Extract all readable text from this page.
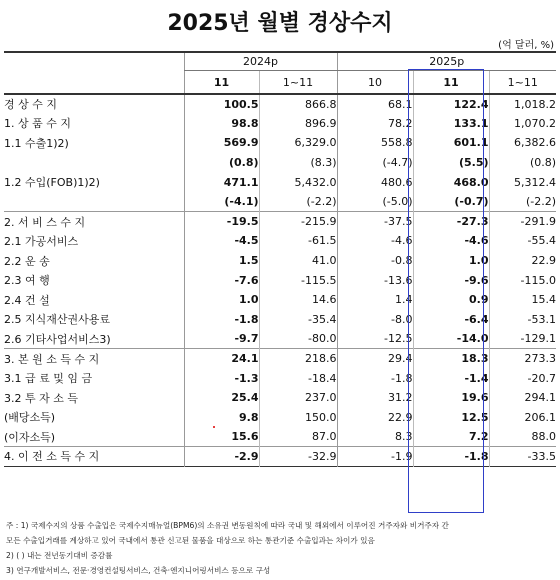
2025년 월별 경상수지
(억 달러, %)
	2024p		2025p		
	11	1~11	10	11	1~11
경 상 수 지	100.5	866.8	68.1	122.4	1,018.2
1. 상 품 수 지	98.8	896.9	78.2	133.1	1,070.2
1.1 수출1)2)	569.9	6,329.0	558.8	601.1	6,382.6
	(0.8)	(8.3)	(-4.7)	(5.5)	(0.8)
1.2 수입(FOB)1)2)	471.1	5,432.0	480.6	468.0	5,312.4
	(-4.1)	(-2.2)	(-5.0)	(-0.7)	(-2.2)
2. 서 비 스 수 지	-19.5	-215.9	-37.5	-27.3	-291.9
2.1 가공서비스	-4.5	-61.5	-4.6	-4.6	-55.4
2.2 운 송	1.5	41.0	-0.8	1.0	22.9
2.3 여 행	-7.6	-115.5	-13.6	-9.6	-115.0
2.4 건 설	1.0	14.6	1.4	0.9	15.4
2.5 지식재산권사용료	-1.8	-35.4	-8.0	-6.4	-53.1
2.6 기타사업서비스3)	-9.7	-80.0	-12.5	-14.0	-129.1
3. 본 원 소 득 수 지	24.1	218.6	29.4	18.3	273.3
3.1 급 료 및 임 금	-1.3	-18.4	-1.8	-1.4	-20.7
3.2 투 자 소 득	25.4	237.0	31.2	19.6	294.1
(배당소득)	9.8	150.0	22.9	12.5	206.1
(이자소득)	15.6	87.0	8.3	7.2	88.0
4. 이 전 소 득 수 지	-2.9	-32.9	-1.9	-1.8	-33.5
주 : 1) 국제수지의 상품 수출입은 국제수지매뉴얼(BPM6)의 소유권 변동원칙에 따라 국내 및 해외에서 이루어진 거주자와 비거주자 간
모든 수출입거래를 계상하고 있어 국내에서 통관 신고된 물품을 대상으로 하는 통관기준 수출입과는 차이가 있음
2) ( ) 내는 전년동기대비 증감률
3) 연구개발서비스, 전문·경영컨설팅서비스, 건축·엔지니어링서비스 등으로 구성
